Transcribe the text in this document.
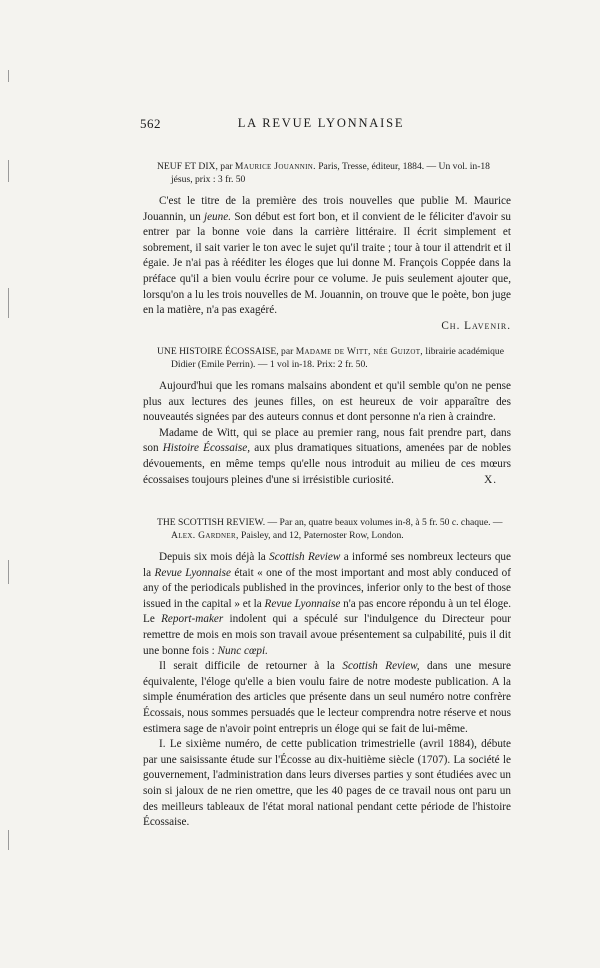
562	LA REVUE LYONNAISE

NEUF ET DIX, par Maurice Jouannin. Paris, Tresse, éditeur, 1884. — Un vol. in-18 jésus, prix : 3 fr. 50

C'est le titre de la première des trois nouvelles que publie M. Maurice Jouannin, un jeune. Son début est fort bon, et il convient de le féliciter d'avoir su entrer par la bonne voie dans la carrière littéraire. Il écrit simplement et sobrement, il sait varier le ton avec le sujet qu'il traite ; tour à tour il attendrit et il égaie. Je n'ai pas à rééditer les éloges que lui donne M. François Coppée dans la préface qu'il a bien voulu écrire pour ce volume. Je puis seulement ajouter que, lorsqu'on a lu les trois nouvelles de M. Jouannin, on trouve que le poète, bon juge en la matière, n'a pas exagéré.
Ch. Lavenir.

UNE HISTOIRE ÉCOSSAISE, par Madame de Witt, née Guizot, librairie académique Didier (Emile Perrin). — 1 vol in-18. Prix: 2 fr. 50.

Aujourd'hui que les romans malsains abondent et qu'il semble qu'on ne pense plus aux lectures des jeunes filles, on est heureux de voir apparaître des nouveautés signées par des auteurs connus et dont personne n'a rien à craindre.

Madame de Witt, qui se place au premier rang, nous fait prendre part, dans son Histoire Écossaise, aux plus dramatiques situations, amenées par de nobles dévouements, en même temps qu'elle nous introduit au milieu de ces mœurs écossaises toujours pleines d'une si irrésistible curiosité.	X.

THE SCOTTISH REVIEW. — Par an, quatre beaux volumes in-8, à 5 fr. 50 c. chaque. — Alex. Gardner, Paisley, and 12, Paternoster Row, London.

Depuis six mois déjà la Scottish Review a informé ses nombreux lecteurs que la Revue Lyonnaise était « one of the most important and most ably conduced of any of the periodicals published in the provinces, inferior only to the best of those issued in the capital » et la Revue Lyonnaise n'a pas encore répondu à un tel éloge. Le Report-maker indolent qui a spéculé sur l'indulgence du Directeur pour remettre de mois en mois son travail avoue présentement sa culpabilité, puis il dit une bonne fois : Nunc cœpi.

Il serait difficile de retourner à la Scottish Review, dans une mesure équivalente, l'éloge qu'elle a bien voulu faire de notre modeste publication. A la simple énumération des articles que présente dans un seul numéro notre confrère Écossais, nous sommes persuadés que le lecteur comprendra notre réserve et nous estimera sage de n'avoir point entrepris un éloge qui se fait de lui-même.

I. Le sixième numéro, de cette publication trimestrielle (avril 1884), débute par une saisissante étude sur l'Écosse au dix-huitième siècle (1707). La société le gouvernement, l'administration dans leurs diverses parties y sont étudiées avec un soin si jaloux de ne rien omettre, que les 40 pages de ce travail nous ont paru un des meilleurs tableaux de l'état moral national pendant cette période de l'histoire Écossaise.
